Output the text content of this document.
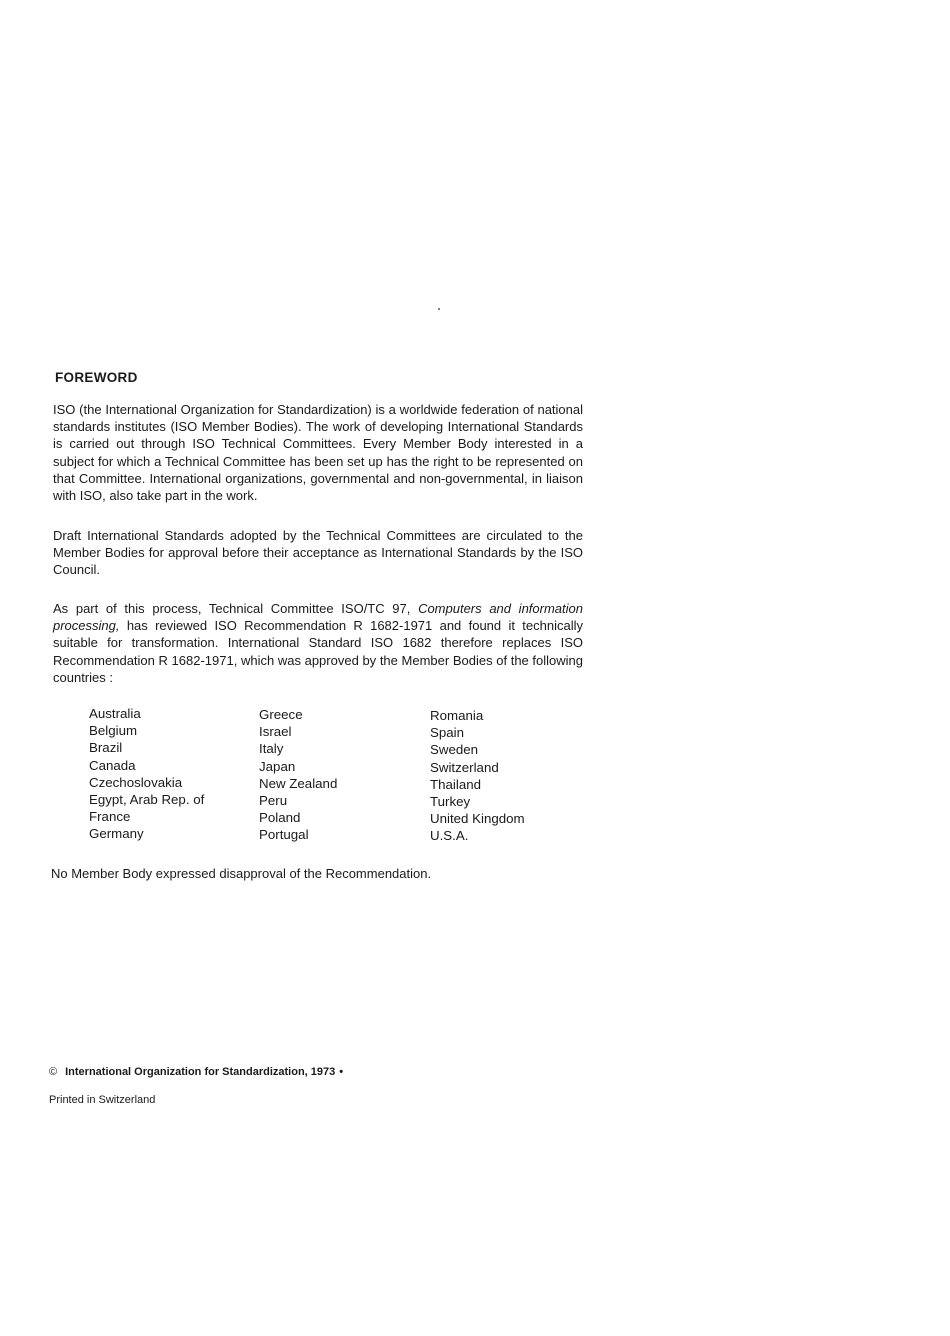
FOREWORD

ISO (the International Organization for Standardization) is a worldwide federation of national standards institutes (ISO Member Bodies). The work of developing International Standards is carried out through ISO Technical Committees. Every Member Body interested in a subject for which a Technical Committee has been set up has the right to be represented on that Committee. International organizations, governmental and non-governmental, in liaison with ISO, also take part in the work.

Draft International Standards adopted by the Technical Committees are circulated to the Member Bodies for approval before their acceptance as International Standards by the ISO Council.

As part of this process, Technical Committee ISO/TC 97, Computers and information processing, has reviewed ISO Recommendation R 1682-1971 and found it technically suitable for transformation. International Standard ISO 1682 therefore replaces ISO Recommendation R 1682-1971, which was approved by the Member Bodies of the following countries :

Australia
Belgium
Brazil
Canada
Czechoslovakia
Egypt, Arab Rep. of
France
Germany
Greece
Israel
Italy
Japan
New Zealand
Peru
Poland
Portugal
Romania
Spain
Sweden
Switzerland
Thailand
Turkey
United Kingdom
U.S.A.

No Member Body expressed disapproval of the Recommendation.

© International Organization for Standardization, 1973 •

Printed in Switzerland
